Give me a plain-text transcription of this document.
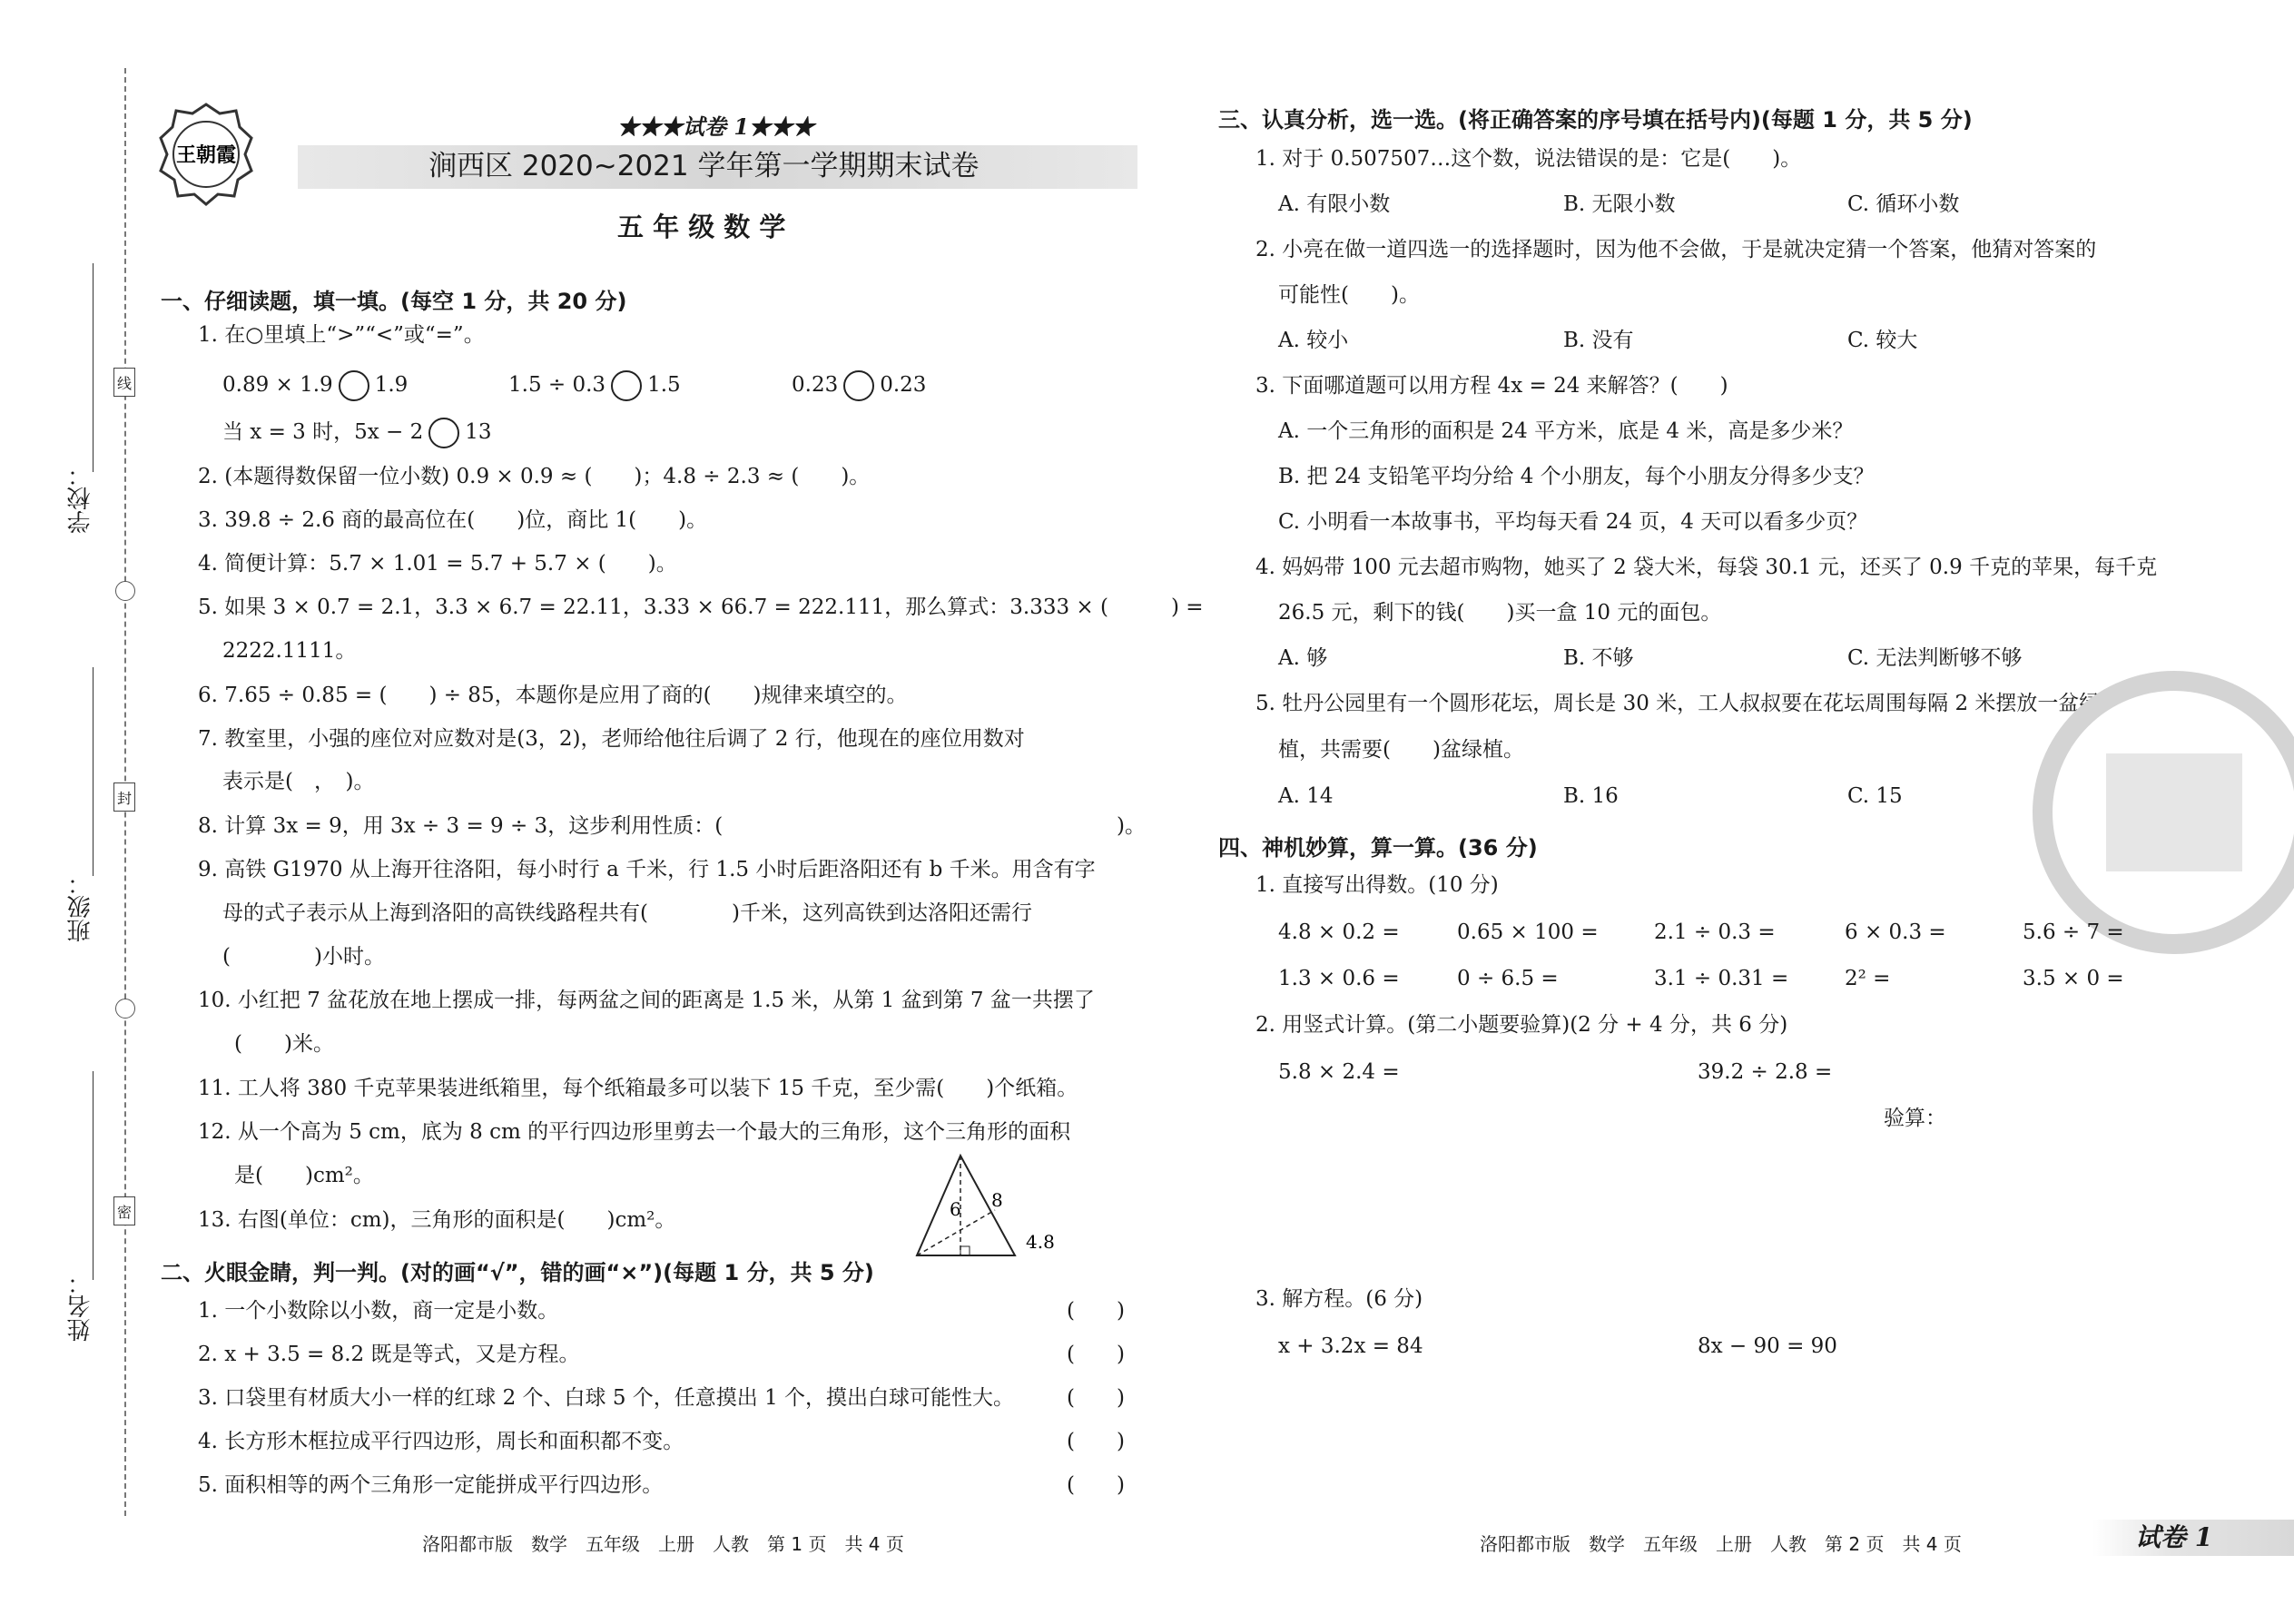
学校：
班级：
姓名：
线
封
密
王朝霞
★★★试卷 1★★★
涧西区 2020~2021 学年第一学期期末试卷
五 年 级 数 学
一、仔细读题，填一填。(每空 1 分，共 20 分)
1. 在○里填上“>”“<”或“=”。
0.89 × 1.9 1.9	1.5 ÷ 0.3 1.5	0.23 0.23
当 x = 3 时，5x − 2 13
2. (本题得数保留一位小数) 0.9 × 0.9 ≈ (　　)；4.8 ÷ 2.3 ≈ (　　)。
3. 39.8 ÷ 2.6 商的最高位在(　　)位，商比 1(　　)。
4. 简便计算：5.7 × 1.01 = 5.7 + 5.7 × (　　)。
5. 如果 3 × 0.7 = 2.1，3.3 × 6.7 = 22.11，3.33 × 66.7 = 222.111，那么算式：3.333 × (　　　) =
2222.1111。
6. 7.65 ÷ 0.85 = (　　) ÷ 85，本题你是应用了商的(　　)规律来填空的。
7. 教室里，小强的座位对应数对是(3，2)，老师给他往后调了 2 行，他现在的座位用数对
表示是(　，　)。
8. 计算 3x = 9，用 3x ÷ 3 = 9 ÷ 3，这步利用性质：(	)。
9. 高铁 G1970 从上海开往洛阳，每小时行 a 千米，行 1.5 小时后距洛阳还有 b 千米。用含有字
母的式子表示从上海到洛阳的高铁线路程共有(　　　　)千米，这列高铁到达洛阳还需行
(　　　　)小时。
10. 小红把 7 盆花放在地上摆成一排，每两盆之间的距离是 1.5 米，从第 1 盆到第 7 盆一共摆了
(　　)米。
11. 工人将 380 千克苹果装进纸箱里，每个纸箱最多可以装下 15 千克，至少需(　　)个纸箱。
12. 从一个高为 5 cm，底为 8 cm 的平行四边形里剪去一个最大的三角形，这个三角形的面积
是(　　)cm²。
13. 右图(单位：cm)，三角形的面积是(　　)cm²。	6 8
4.8
二、火眼金睛，判一判。(对的画“√”，错的画“×”)(每题 1 分，共 5 分)
1. 一个小数除以小数，商一定是小数。	(　　)
2. x + 3.5 = 8.2 既是等式，又是方程。	(　　)
3. 口袋里有材质大小一样的红球 2 个、白球 5 个，任意摸出 1 个，摸出白球可能性大。	(　　)
4. 长方形木框拉成平行四边形，周长和面积都不变。	(　　)
5. 面积相等的两个三角形一定能拼成平行四边形。	(　　)
三、认真分析，选一选。(将正确答案的序号填在括号内)(每题 1 分，共 5 分)
1. 对于 0.507507…这个数，说法错误的是：它是(　　)。
A. 有限小数	B. 无限小数	C. 循环小数
2. 小亮在做一道四选一的选择题时，因为他不会做，于是就决定猜一个答案，他猜对答案的
可能性(　　)。
A. 较小	B. 没有	C. 较大
3. 下面哪道题可以用方程 4x = 24 来解答？(　　)
A. 一个三角形的面积是 24 平方米，底是 4 米，高是多少米？
B. 把 24 支铅笔平均分给 4 个小朋友，每个小朋友分得多少支？
C. 小明看一本故事书，平均每天看 24 页，4 天可以看多少页？
4. 妈妈带 100 元去超市购物，她买了 2 袋大米，每袋 30.1 元，还买了 0.9 千克的苹果，每千克
26.5 元，剩下的钱(　　)买一盒 10 元的面包。
A. 够	B. 不够	C. 无法判断够不够
5. 牡丹公园里有一个圆形花坛，周长是 30 米，工人叔叔要在花坛周围每隔 2 米摆放一盆绿
植，共需要(　　)盆绿植。
A. 14	B. 16	C. 15
四、神机妙算，算一算。(36 分)
1. 直接写出得数。(10 分)
4.8 × 0.2 =	0.65 × 100 =	2.1 ÷ 0.3 =	6 × 0.3 =	5.6 ÷ 7 =
1.3 × 0.6 =	0 ÷ 6.5 =	3.1 ÷ 0.31 =	2² =	3.5 × 0 =
2. 用竖式计算。(第二小题要验算)(2 分 + 4 分，共 6 分)
5.8 × 2.4 =	39.2 ÷ 2.8 =
验算：
3. 解方程。(6 分)
x + 3.2x = 84	8x − 90 = 90
洛阳都市版　数学　五年级　上册　人教　第 1 页　共 4 页	洛阳都市版　数学　五年级　上册　人教　第 2 页　共 4 页	试卷 1
